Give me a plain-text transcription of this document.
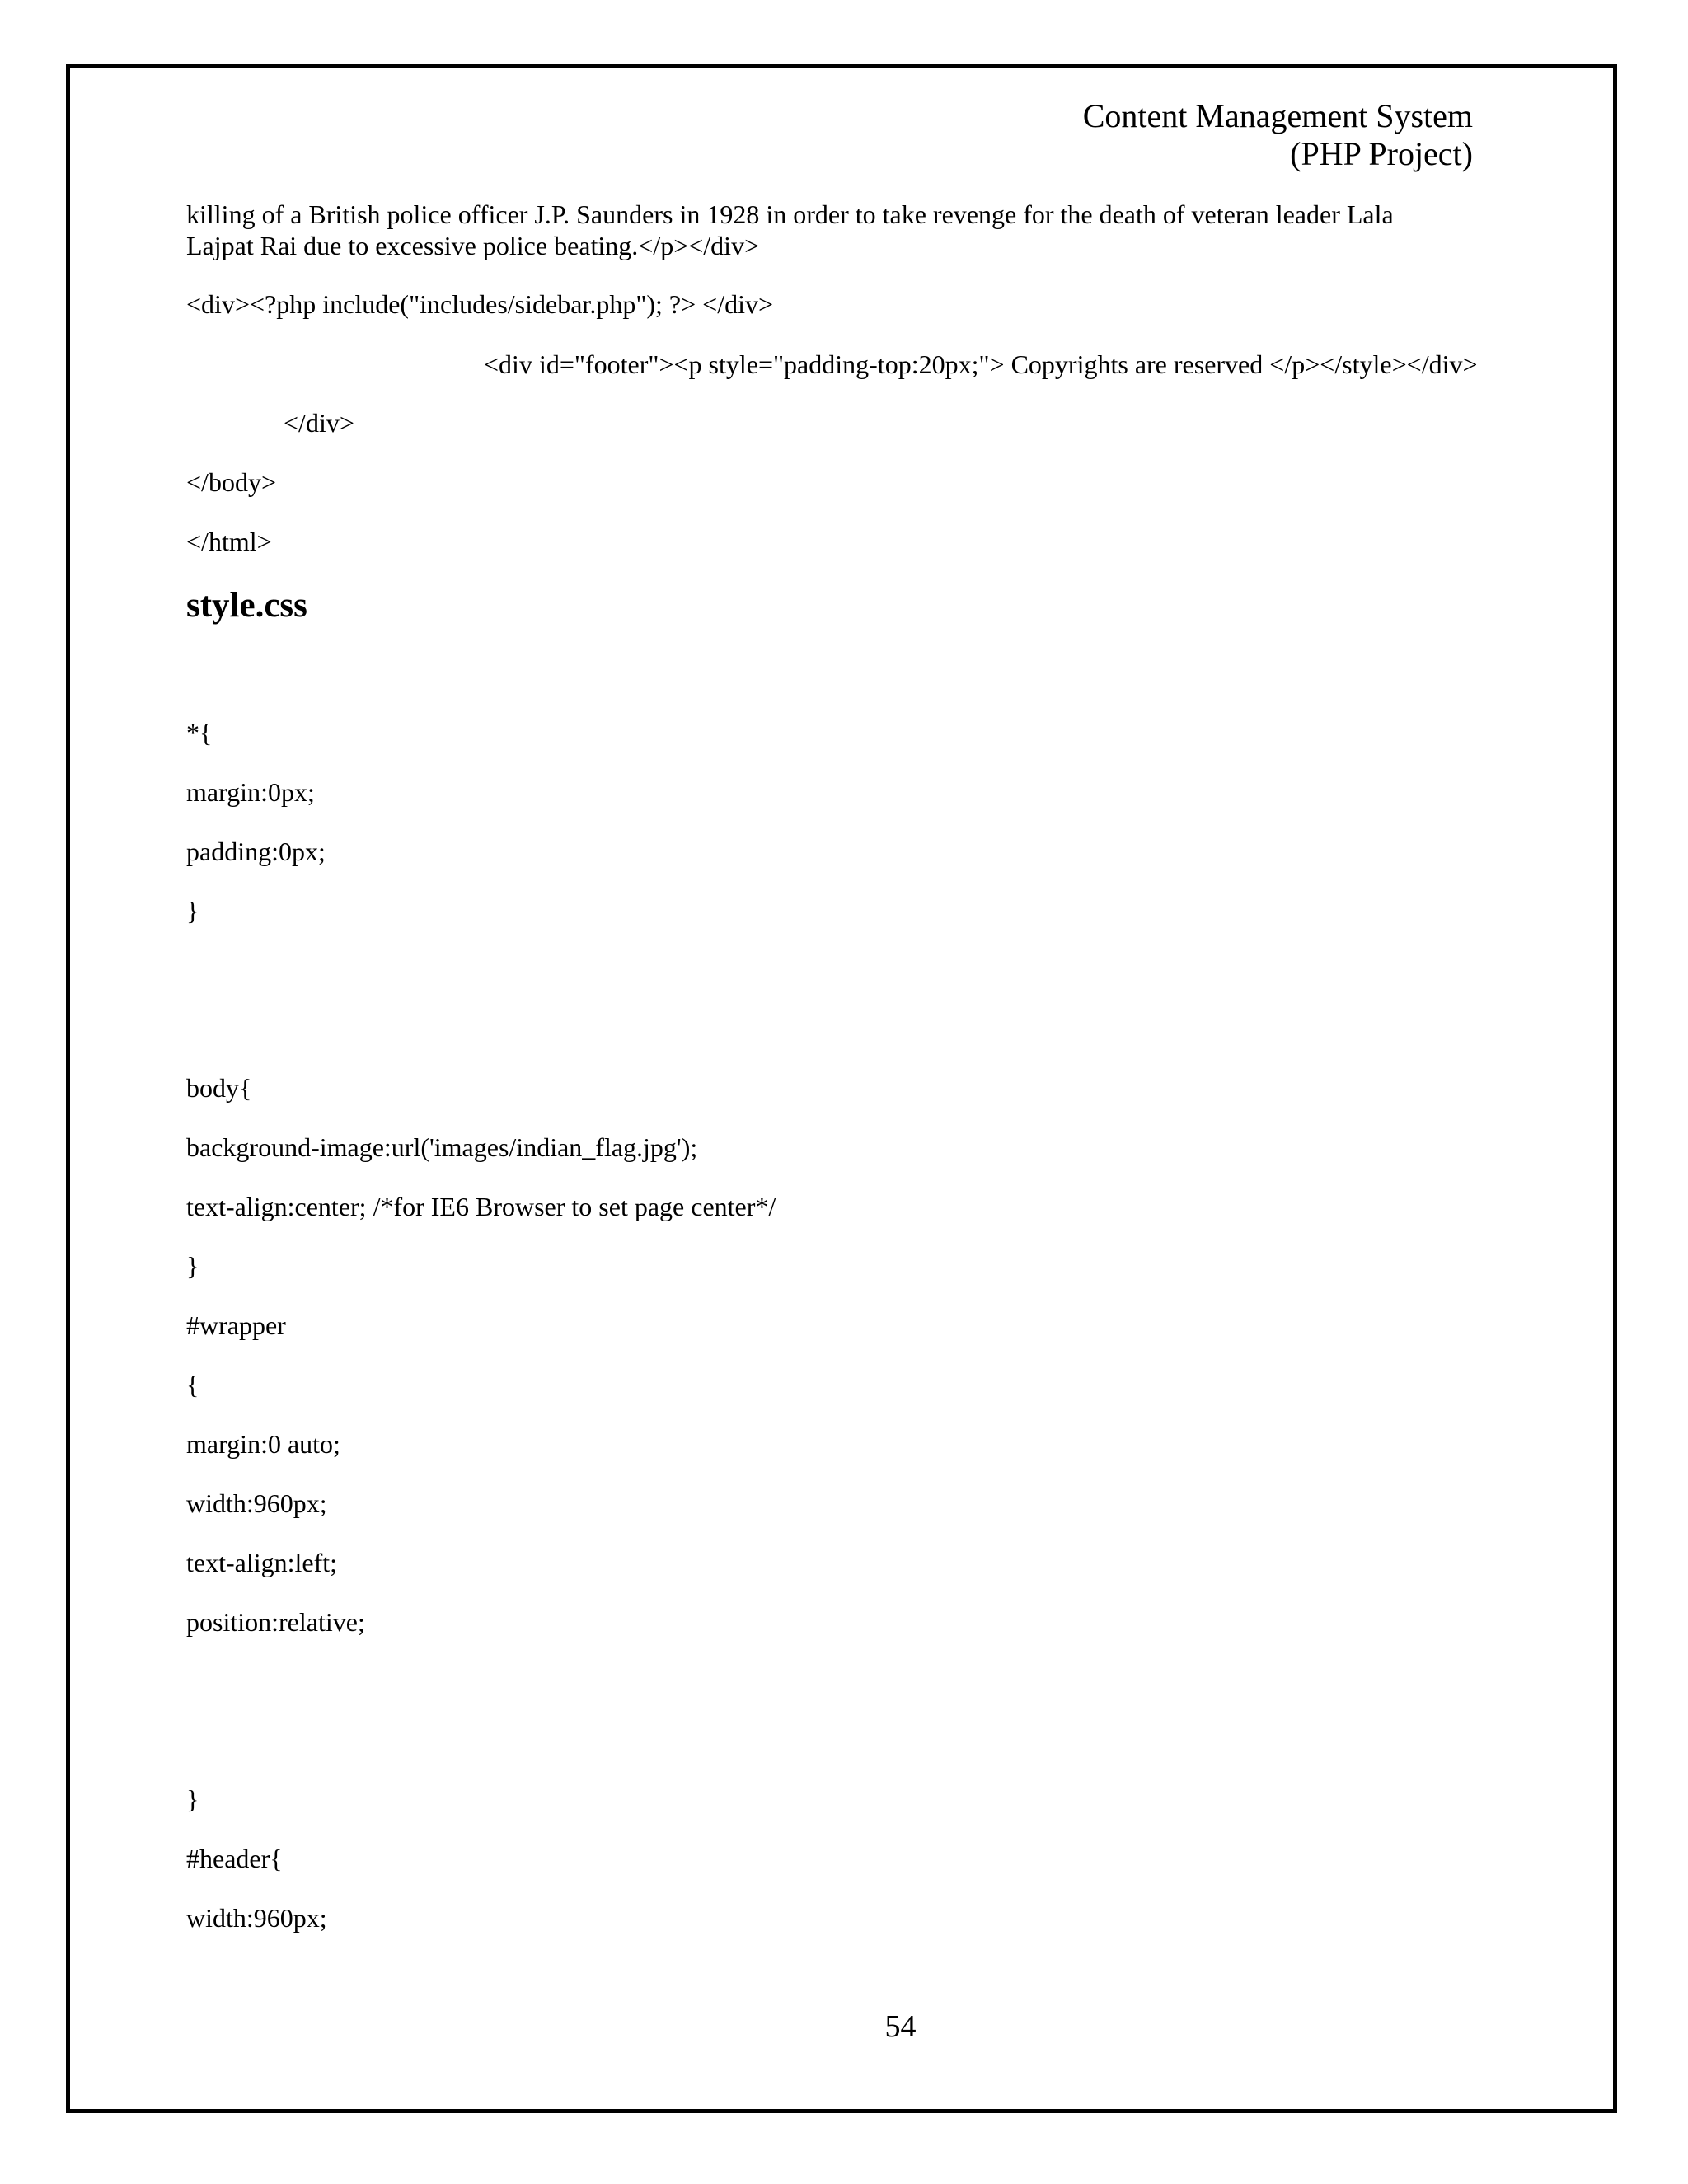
Content Management System
(PHP Project)
killing of a British police officer J.P. Saunders in 1928 in order to take revenge for the death of veteran leader Lala
Lajpat Rai due to excessive police beating.</p></div>
<div><?php include("includes/sidebar.php"); ?> </div>
<div id="footer"><p style="padding-top:20px;"> Copyrights are reserved </p></style></div>
</div>
</body>
</html>
style.css
*{
margin:0px;
padding:0px;
}
body{
background-image:url('images/indian_flag.jpg');
text-align:center; /*for IE6 Browser to set page center*/
}
#wrapper
{
margin:0 auto;
width:960px;
text-align:left;
position:relative;
}
#header{
width:960px;
54
